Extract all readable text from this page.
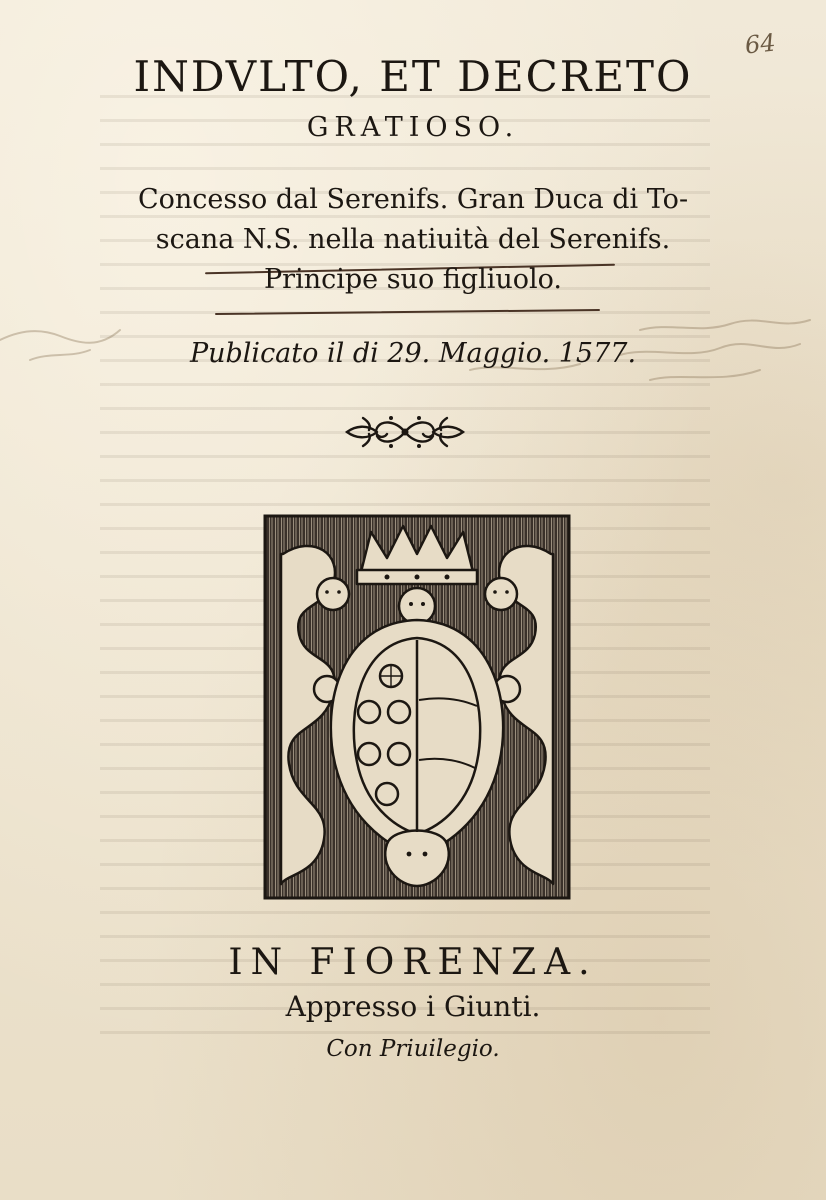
64
INDVLTO, ET DECRETO
GRATIOSO.
Concesso dal Serenifs. Gran Duca di To-
scana N.S. nella natiuità del Serenifs.
Principe suo figliuolo.
Publicato il di 29. Maggio. 1577.
IN FIORENZA.
Appresso i Giunti.
Con Priuilegio.
